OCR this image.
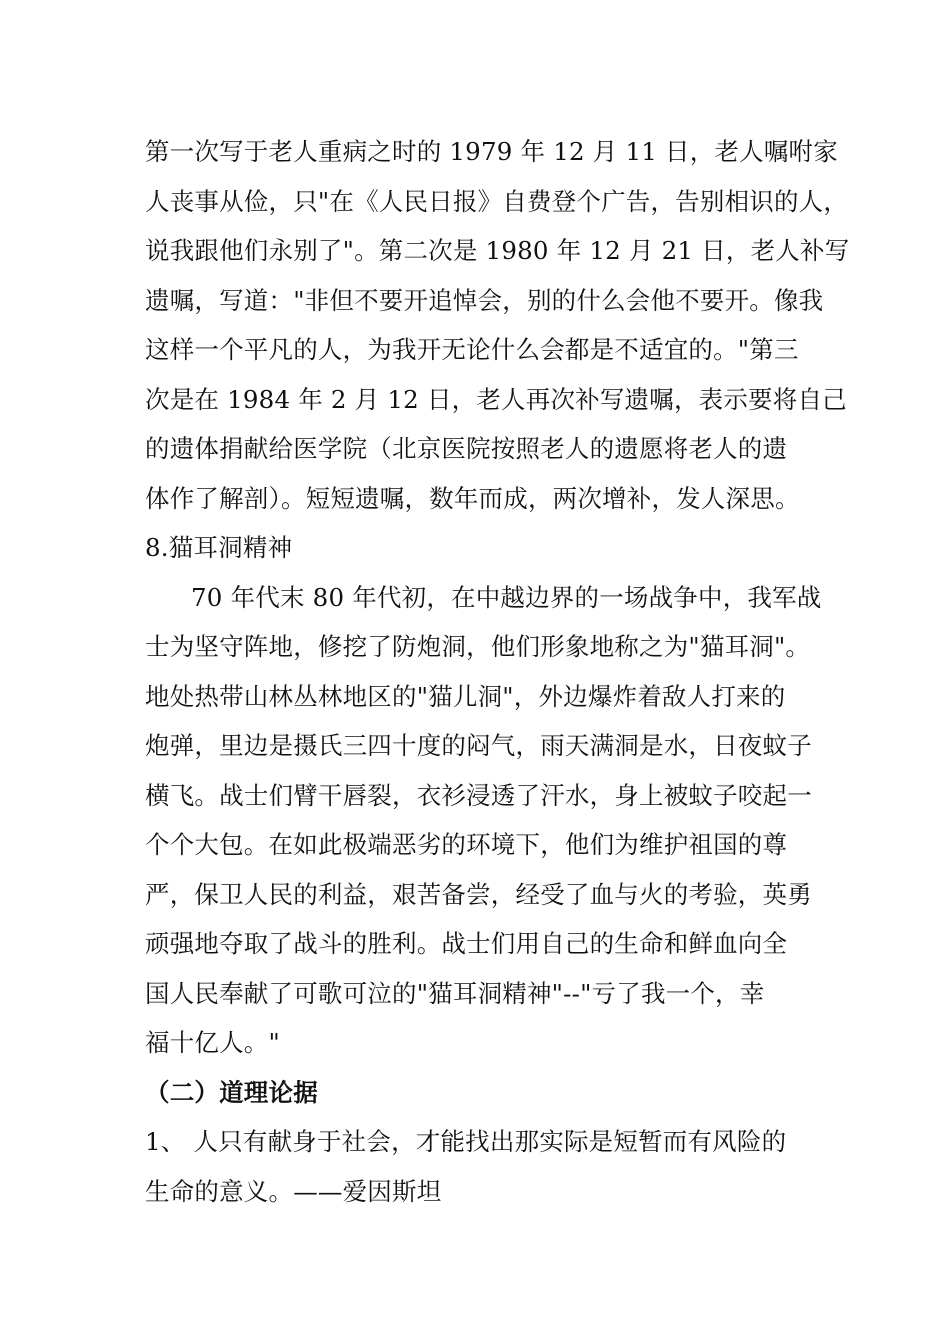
第一次写于老人重病之时的 1979 年 12 月 11 日，老人嘱咐家
人丧事从俭，只"在《人民日报》自费登个广告，告别相识的人，
说我跟他们永别了"。第二次是 1980 年 12 月 21 日，老人补写
遗嘱，写道："非但不要开追悼会，别的什么会他不要开。像我
这样一个平凡的人，为我开无论什么会都是不适宜的。"第三
次是在 1984 年 2 月 12 日，老人再次补写遗嘱，表示要将自己
的遗体捐献给医学院（北京医院按照老人的遗愿将老人的遗
体作了解剖）。短短遗嘱，数年而成，两次增补，发人深思。
8.猫耳洞精神
70 年代末 80 年代初，在中越边界的一场战争中，我军战
士为坚守阵地，修挖了防炮洞，他们形象地称之为"猫耳洞"。
地处热带山林丛林地区的"猫儿洞"，外边爆炸着敌人打来的
炮弹，里边是摄氏三四十度的闷气，雨天满洞是水，日夜蚊子
横飞。战士们臂干唇裂，衣衫浸透了汗水，身上被蚊子咬起一
个个大包。在如此极端恶劣的环境下，他们为维护祖国的尊
严，保卫人民的利益，艰苦备尝，经受了血与火的考验，英勇
顽强地夺取了战斗的胜利。战士们用自己的生命和鲜血向全
国人民奉献了可歌可泣的"猫耳洞精神"--"亏了我一个，幸
福十亿人。"
（二）道理论据
1、 人只有献身于社会，才能找出那实际是短暂而有风险的
生命的意义。——爱因斯坦
